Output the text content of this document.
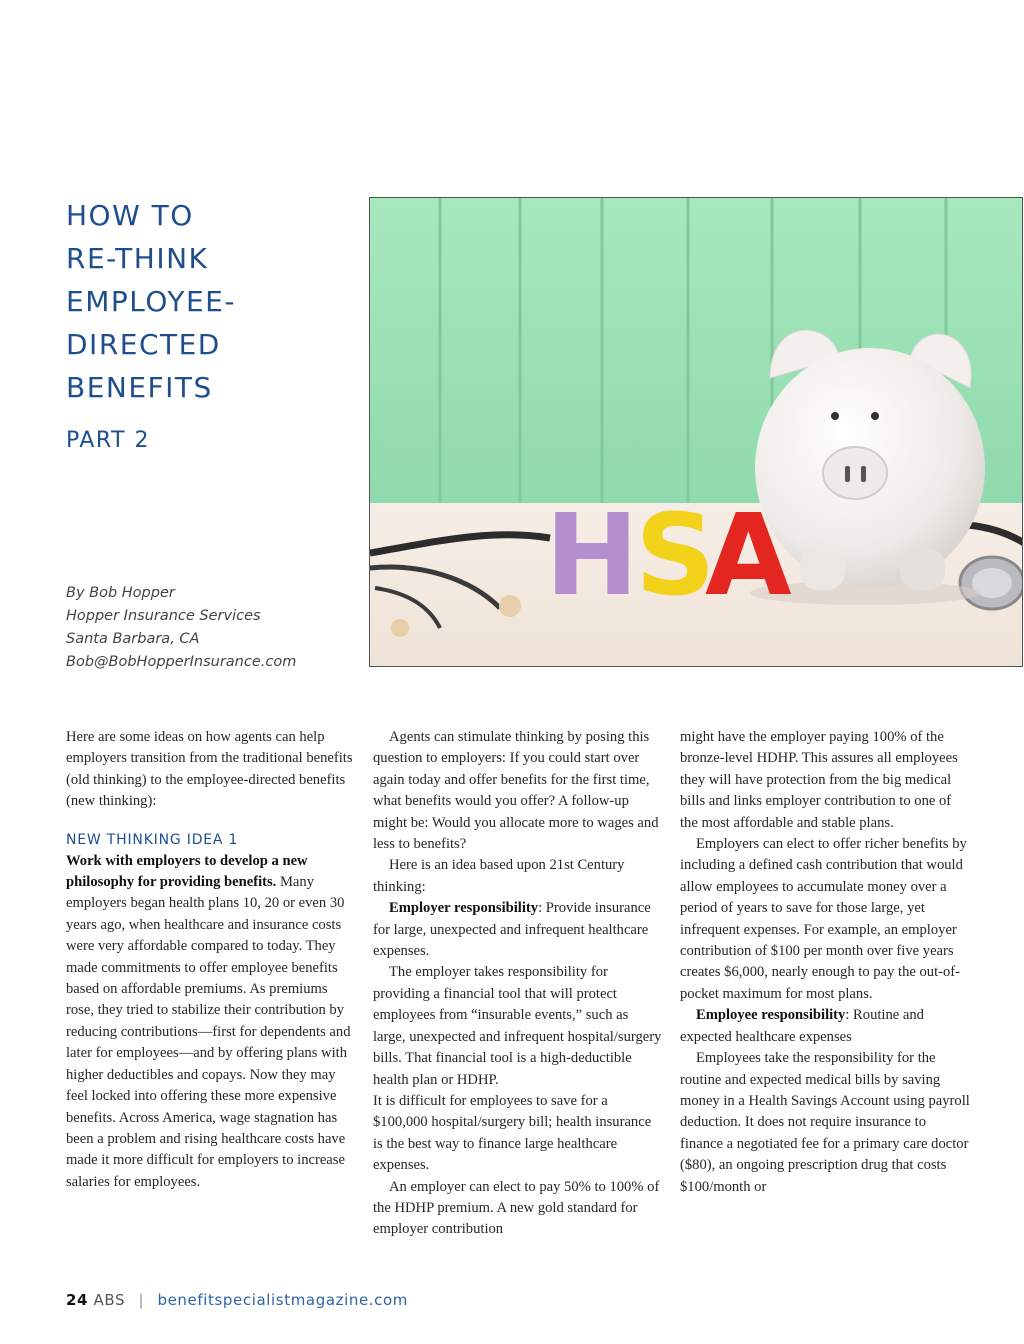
HOW TO
RE-THINK
EMPLOYEE-
DIRECTED
BENEFITS
PART 2
By Bob Hopper
Hopper Insurance Services
Santa Barbara, CA
Bob@BobHopperInsurance.com
H
S
A

Here are some ideas on how agents can help employers transition from the traditional benefits (old thinking) to the employee-directed benefits (new thinking):

NEW THINKING IDEA 1

Work with employers to develop a new philosophy for providing benefits. Many employers began health plans 10, 20 or even 30 years ago, when healthcare and insurance costs were very affordable compared to today. They made commitments to offer employee benefits based on affordable premiums. As premiums rose, they tried to stabilize their contribution by reducing contributions—first for dependents and later for employees—and by offering plans with higher deductibles and copays. Now they may feel locked into offering these more expensive benefits. Across America, wage stagnation has been a problem and rising healthcare costs have made it more difficult for employers to increase salaries for employees.

Agents can stimulate thinking by posing this question to employers: If you could start over again today and offer benefits for the first time, what benefits would you offer? A follow-up might be: Would you allocate more to wages and less to benefits?

Here is an idea based upon 21st Century thinking:

Employer responsibility: Provide insurance for large, unexpected and infrequent healthcare expenses.

The employer takes responsibility for providing a financial tool that will protect employees from “insurable events,” such as large, unexpected and infrequent hospital/surgery bills. That financial tool is a high-deductible health plan or HDHP.

It is difficult for employees to save for a $100,000 hospital/surgery bill; health insurance is the best way to finance large healthcare expenses.

An employer can elect to pay 50% to 100% of the HDHP premium. A new gold standard for employer contribution

might have the employer paying 100% of the bronze-level HDHP. This assures all employees they will have protection from the big medical bills and links employer contribution to one of the most affordable and stable plans.

Employers can elect to offer richer benefits by including a defined cash contribution that would allow employees to accumulate money over a period of years to save for those large, yet infrequent expenses. For example, an employer contribution of $100 per month over five years creates $6,000, nearly enough to pay the out-of-pocket maximum for most plans.

Employee responsibility: Routine and expected healthcare expenses

Employees take the responsibility for the routine and expected medical bills by saving money in a Health Savings Account using payroll deduction. It does not require insurance to finance a negotiated fee for a primary care doctor ($80), an ongoing prescription drug that costs $100/month or

24 ABS | benefitspecialistmagazine.com
